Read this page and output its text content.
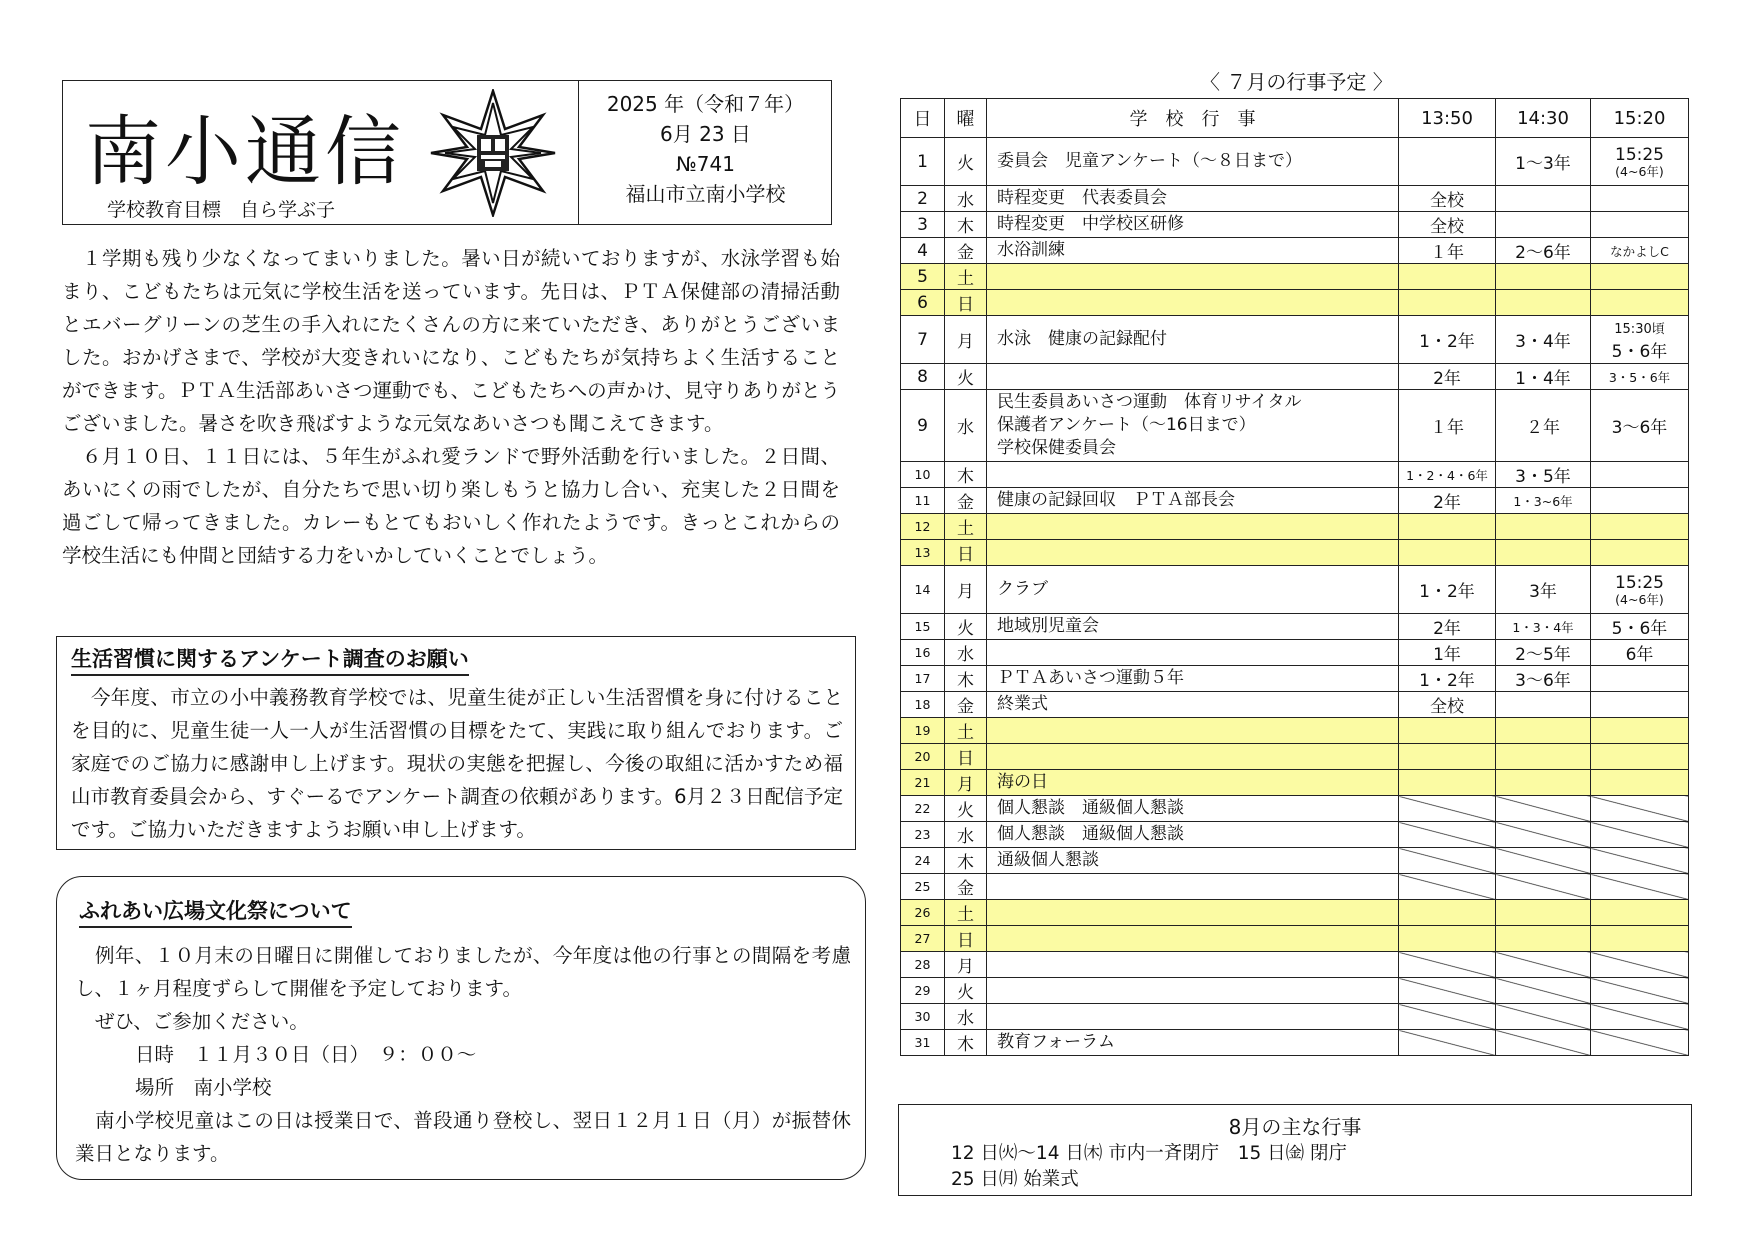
南小通信
学校教育目標　自ら学ぶ子
2025 年（令和７年）
6月 23 日
№741
福山市立南小学校
１学期も残り少なくなってまいりました。暑い日が続いておりますが、水泳学習も始まり、こどもたちは元気に学校生活を送っています。先日は、ＰＴＡ保健部の清掃活動とエバーグリーンの芝生の手入れにたくさんの方に来ていただき、ありがとうございました。おかげさまで、学校が大変きれいになり、こどもたちが気持ちよく生活することができます。ＰＴＡ生活部あいさつ運動でも、こどもたちへの声かけ、見守りありがとうございました。暑さを吹き飛ばすような元気なあいさつも聞こえてきます。
６月１０日、１１日には、５年生がふれ愛ランドで野外活動を行いました。２日間、あいにくの雨でしたが、自分たちで思い切り楽しもうと協力し合い、充実した２日間を過ごして帰ってきました。カレーもとてもおいしく作れたようです。きっとこれからの学校生活にも仲間と団結する力をいかしていくことでしょう。
生活習慣に関するアンケート調査のお願い
今年度、市立の小中義務教育学校では、児童生徒が正しい生活習慣を身に付けることを目的に、児童生徒一人一人が生活習慣の目標をたて、実践に取り組んでおります。ご家庭でのご協力に感謝申し上げます。現状の実態を把握し、今後の取組に活かすため福山市教育委員会から、すぐーるでアンケート調査の依頼があります。6月２３日配信予定です。ご協力いただきますようお願い申し上げます。
ふれあい広場文化祭について
例年、１０月末の日曜日に開催しておりましたが、今年度は他の行事との間隔を考慮し、１ヶ月程度ずらして開催を予定しております。
ぜひ、ご参加ください。
日時　１１月３０日（日）　９：００～
場所　南小学校
南小学校児童はこの日は授業日で、普段通り登校し、翌日１２月１日（月）が振替休業日となります。
〈 ７月の行事予定 〉
日	曜	学　校　行　事	13:50	14:30	15:20
1	火	委員会　児童アンケート（～８日まで）		1～3年	15:25
(4~6年)

2	水	時程変更　代表委員会	全校		
3	木	時程変更　中学校区研修	全校		
4	金	水浴訓練	１年	2～6年	なかよしC
5	土				
6	日				
7	月	水泳　健康の記録配付	1・2年	3・4年	15:30頃
5・6年

8	火		2年	1・4年	3・5・6年
9	水	民生委員あいさつ運動　体育リサイタル
保護者アンケート（～16日まで）
学校保健委員会	１年	２年	3～6年
10	木		1・2・4・6年	3・5年	
11	金	健康の記録回収　ＰＴＡ部長会	2年	1・3~6年	
12	土				
13	日				
14	月	クラブ	1・2年	3年	15:25
(4~6年)

15	火	地域別児童会	2年	1・3・4年	5・6年
16	水		1年	2～5年	6年
17	木	ＰＴＡあいさつ運動５年	1・2年	3～6年	
18	金	終業式	全校		
19	土				
20	日				
21	月	海の日			

22	火	個人懇談　通級個人懇談			

23	水	個人懇談　通級個人懇談			

24	木	通級個人懇談			

25	金				
26	土				
27	日				
28	月				
29	火				
30	水				
31	木	教育フォーラム			

8月の主な行事
12 日㈫～14 日㈭ 市内一斉閉庁　15 日㈮ 閉庁
25 日㈪ 始業式
